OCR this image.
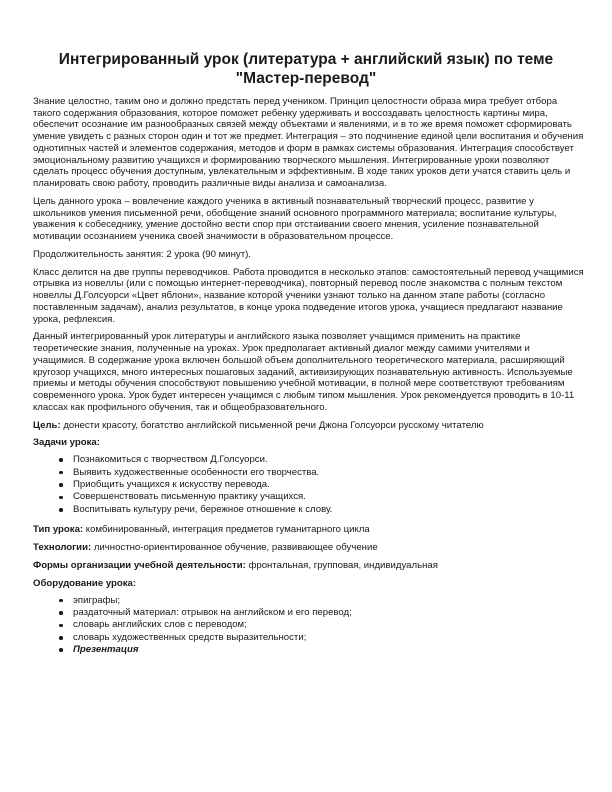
Интегрированный урок (литература + английский язык) по теме "Мастер-перевод"

Знание целостно, таким оно и должно предстать перед учеником. Принцип целостности образа мира требует отбора такого содержания образования, которое поможет ребенку удерживать и воссоздавать целостность картины мира, обеспечит осознание им разнообразных связей между объектами и явлениями, и в то же время поможет сформировать умение увидеть с разных сторон один и тот же предмет. Интеграция – это подчинение единой цели воспитания и обучения однотипных частей и элементов содержания, методов и форм в рамках системы образования. Интеграция способствует эмоциональному развитию учащихся и формированию творческого мышления. Интегрированные уроки позволяют сделать процесс обучения доступным, увлекательным и эффективным. В ходе таких уроков дети учатся ставить цель и планировать свою работу, проводить различные виды анализа и самоанализа.

Цель данного урока – вовлечение каждого ученика в активный познавательный творческий процесс, развитие у школьников умения письменной речи, обобщение знаний основного программного материала; воспитание культуры, уважения к собеседнику, умение достойно вести спор при отстаивании своего мнения, усиление познавательной мотивации осознанием ученика своей значимости в образовательном процессе.

Продолжительность занятия: 2 урока (90 минут).

Класс делится на две группы переводчиков. Работа проводится в несколько этапов: самостоятельный перевод учащимися отрывка из новеллы (или с помощью интернет-переводчика), повторный перевод после знакомства с полным текстом новеллы Д.Голсуорси «Цвет яблони», название которой ученики узнают только на данном этапе работы (согласно поставленным задачам), анализ результатов, в конце урока подведение итогов урока, учащиеся предлагают название урока, рефлексия.

Данный интегрированный урок литературы и английского языка позволяет учащимся применить на практике теоретические знания, полученные на уроках. Урок предполагает активный диалог между самими учителями и учащимися. В содержание урока включен большой объем дополнительного теоретического материала, расширяющий кругозор учащихся, много интересных пошаговых заданий, активизирующих познавательную активность. Используемые приемы и методы обучения способствуют повышению учебной мотивации, в полной мере соответствуют требованиям современного урока. Урок будет интересен учащимся с любым типом мышления. Урок рекомендуется проводить в 10-11 классах как профильного обучения, так и общеобразовательного.

Цель: донести красоту, богатство английской письменной речи Джона Голсуорси русскому читателю

Задачи урока:

Познакомиться с творчеством Д.Голсуорси.
Выявить художественные особенности его творчества.
Приобщить учащихся к искусству перевода.
Совершенствовать письменную практику учащихся.
Воспитывать культуру речи, бережное отношение к слову.

Тип урока: комбинированный, интеграция предметов гуманитарного цикла

Технологии: личностно-ориентированное обучение, развивающее обучение

Формы организации учебной деятельности: фронтальная, групповая, индивидуальная

Оборудование урока:

эпиграфы;
раздаточный материал: отрывок на английском и его перевод;
словарь английских слов с переводом;
словарь художественных средств выразительности;
Презентация
